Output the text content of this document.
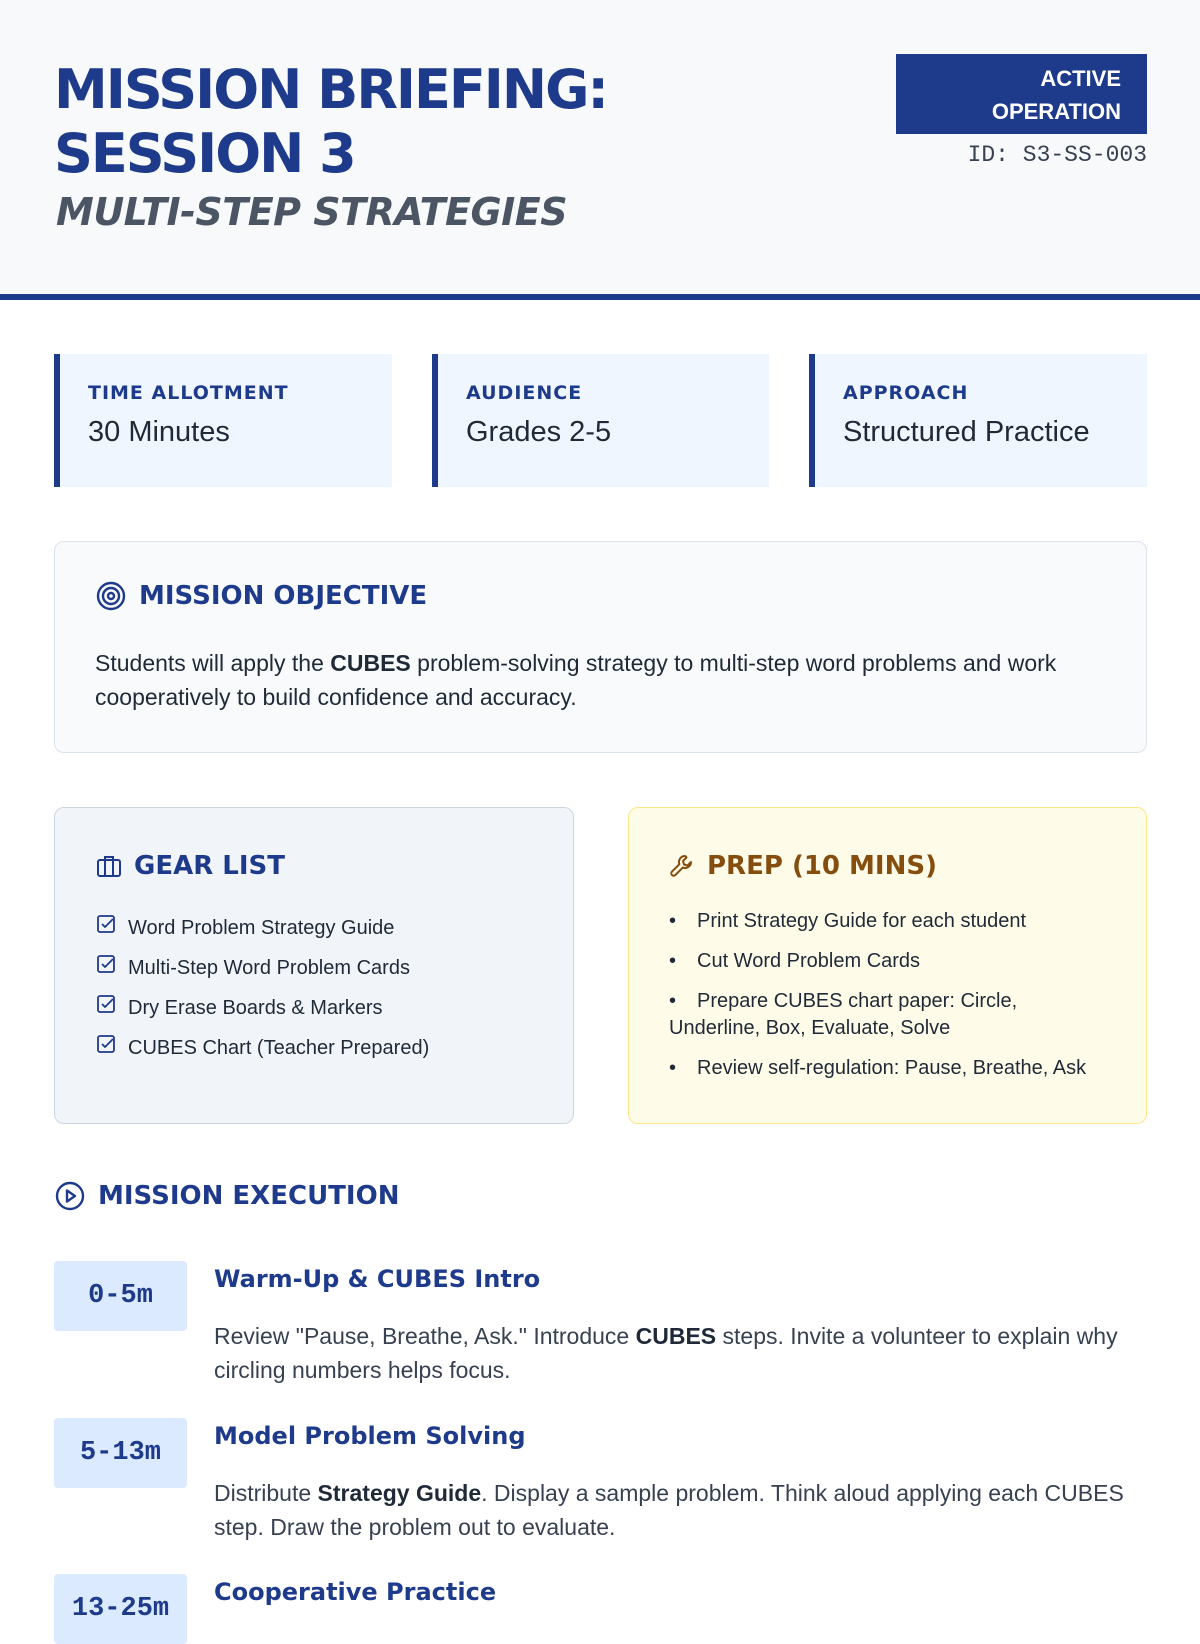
MISSION BRIEFING: SESSION 3
MULTI-STEP STRATEGIES
ACTIVE OPERATION
ID: S3-SS-003
TIME ALLOTMENT
30 Minutes
AUDIENCE
Grades 2-5
APPROACH
Structured Practice
MISSION OBJECTIVE

Students will apply the CUBES problem-solving strategy to multi-step word problems and work cooperatively to build confidence and accuracy.

GEAR LIST
Word Problem Strategy Guide
Multi-Step Word Problem Cards
Dry Erase Boards & Markers
CUBES Chart (Teacher Prepared)
PREP (10 MINS)
• Print Strategy Guide for each student
• Cut Word Problem Cards
• Prepare CUBES chart paper: Circle, Underline, Box, Evaluate, Solve
• Review self-regulation: Pause, Breathe, Ask
MISSION EXECUTION
0-5m
Warm-Up & CUBES Intro

Review "Pause, Breathe, Ask." Introduce CUBES steps. Invite a volunteer to explain why circling numbers helps focus.

5-13m
Model Problem Solving

Distribute Strategy Guide. Display a sample problem. Think aloud applying each CUBES step. Draw the problem out to evaluate.

13-25m
Cooperative Practice
